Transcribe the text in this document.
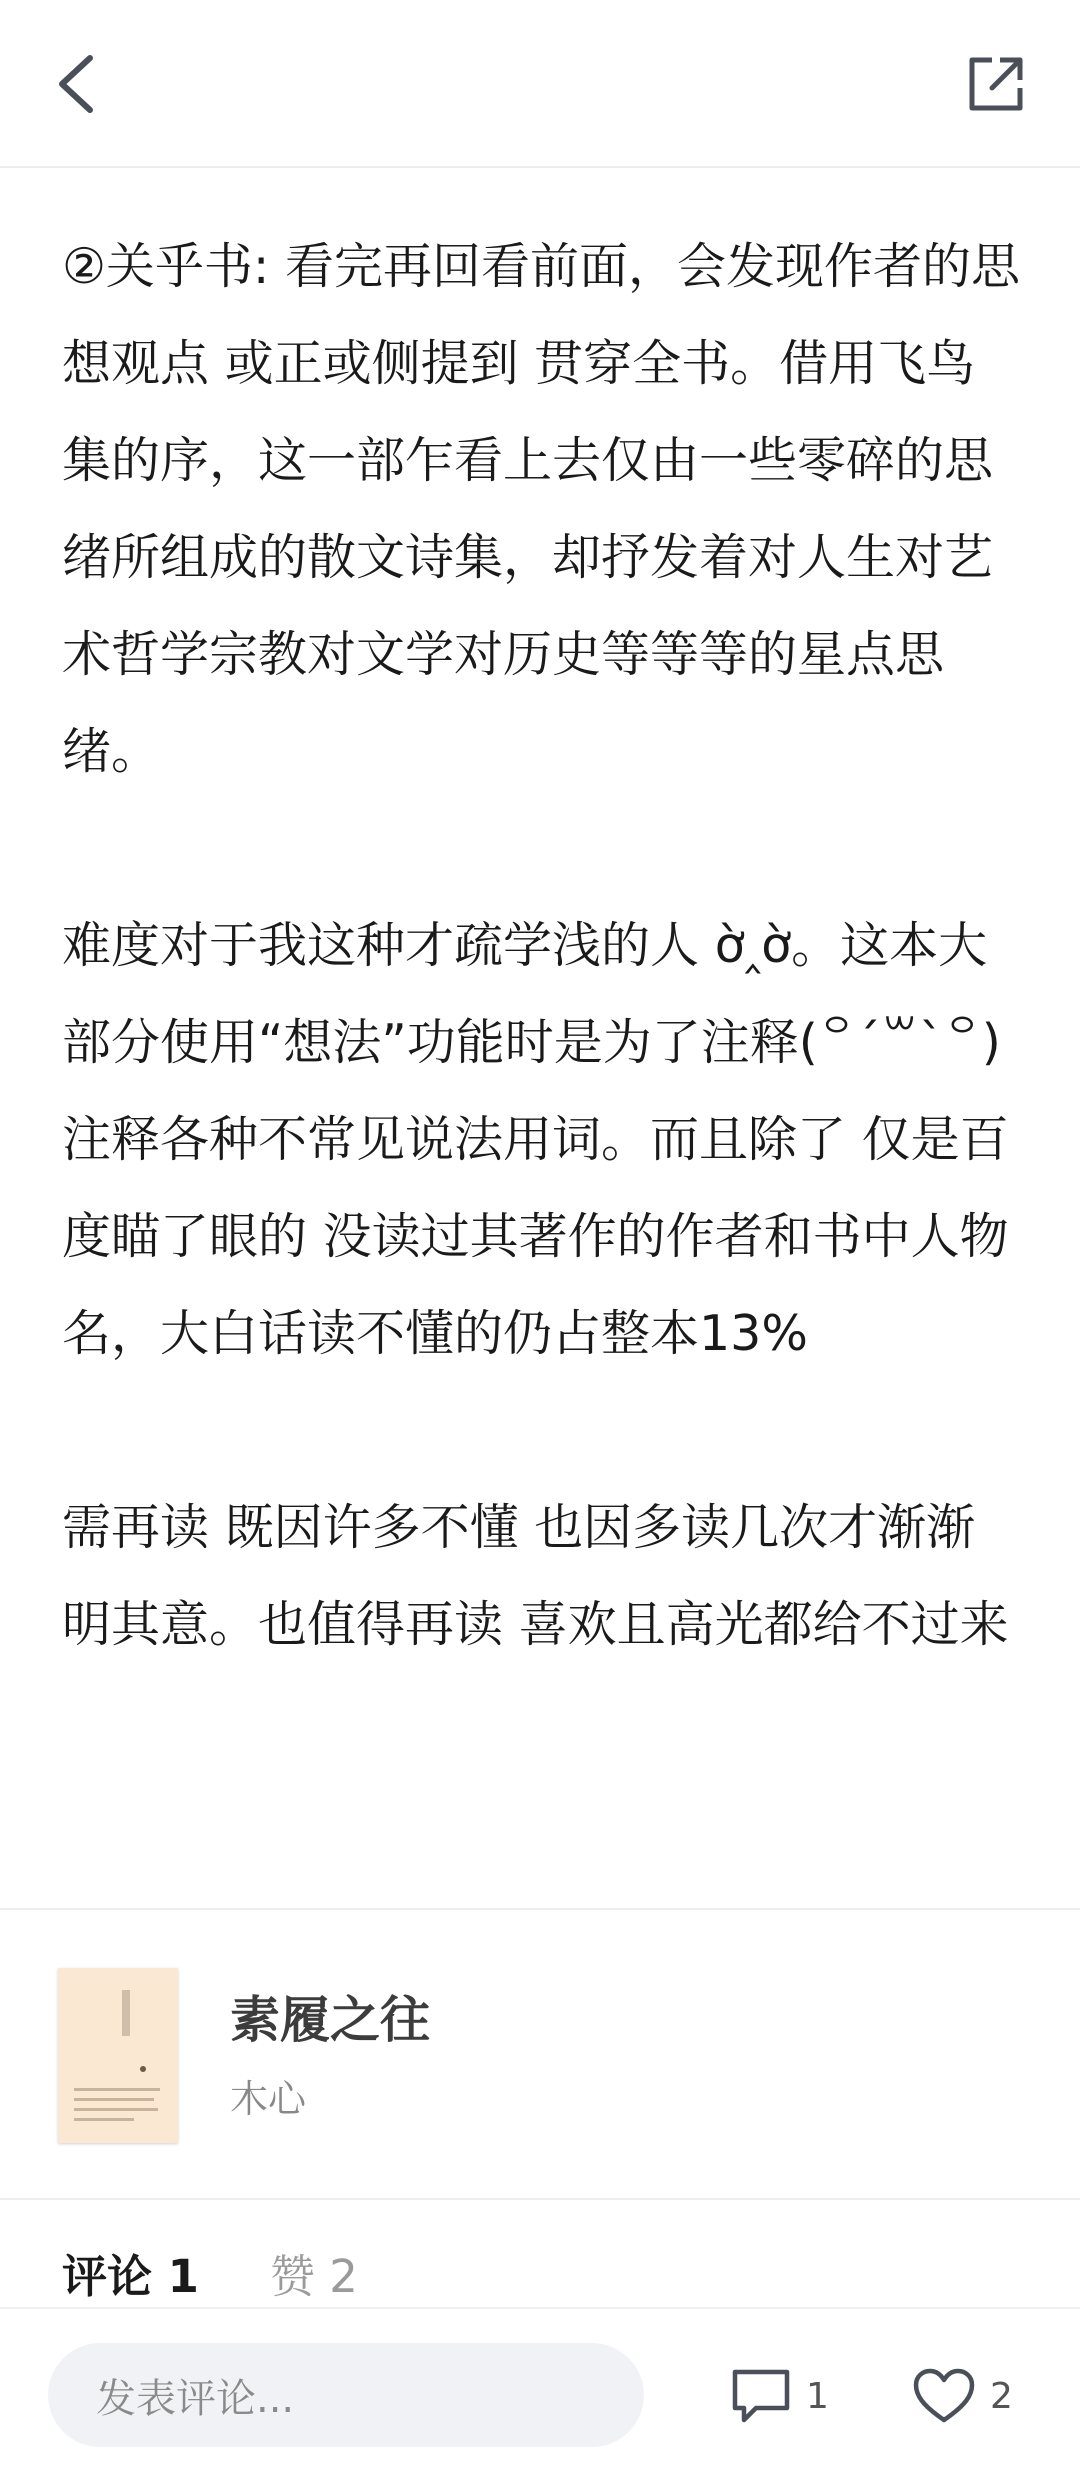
②关乎书: 看完再回看前面，会发现作者的思想观点 或正或侧提到 贯穿全书。借用飞鸟集的序，这一部乍看上去仅由一些零碎的思绪所组成的散文诗集，却抒发着对人生对艺术哲学宗教对文学对历史等等等的星点思绪。

难度对于我这种才疏学浅的人 ờ‸ờ。这本大部分使用“想法”功能时是为了注释(꒪ˊ꒳ˋ꒪)注释各种不常见说法用词。而且除了 仅是百度瞄了眼的 没读过其著作的作者和书中人物名，大白话读不懂的仍占整本13%

需再读 既因许多不懂 也因多读几次才渐渐明其意。也值得再读 喜欢且高光都给不过来

素履之往
木心
评论 1 赞 2
发表评论...	1	2
